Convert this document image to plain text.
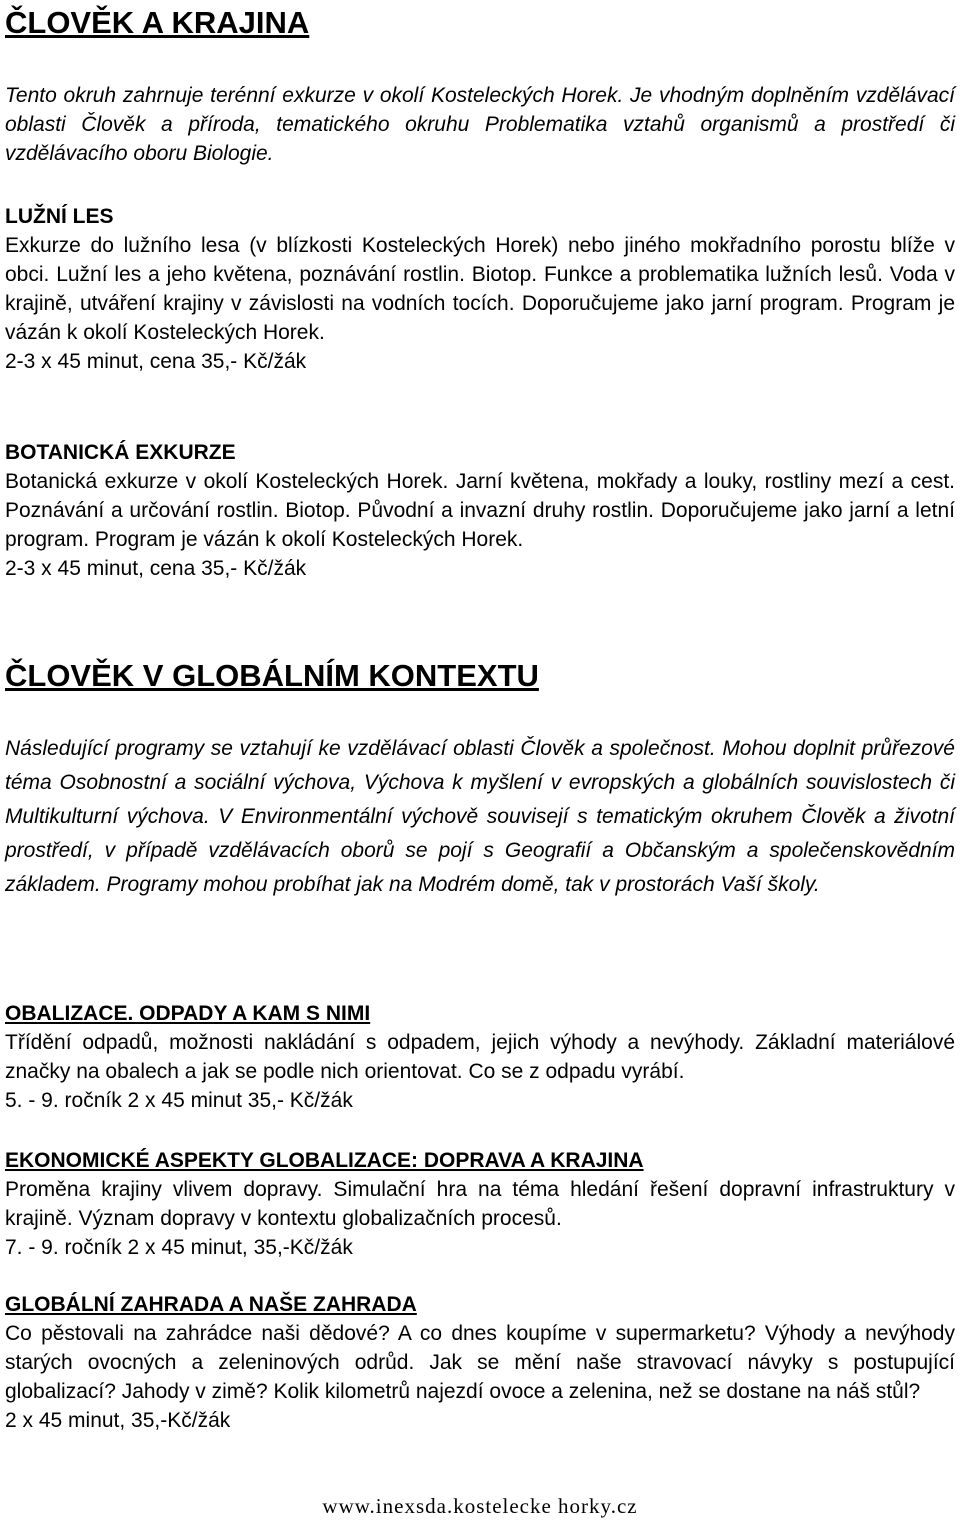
ČLOVĚK A KRAJINA

Tento okruh zahrnuje terénní exkurze v okolí Kosteleckých Horek. Je vhodným doplněním vzdělávací oblasti Člověk a příroda, tematického okruhu Problematika vztahů organismů a prostředí či vzdělávacího oboru Biologie.

LUŽNÍ LES

Exkurze do lužního lesa (v blízkosti Kosteleckých Horek) nebo jiného mokřadního porostu blíže v obci. Lužní les a jeho květena, poznávání rostlin. Biotop. Funkce a problematika lužních lesů. Voda v krajině, utváření krajiny v závislosti na vodních tocích. Doporučujeme jako jarní program. Program je vázán k okolí Kosteleckých Horek.

2-3 x 45 minut, cena 35,- Kč/žák

BOTANICKÁ EXKURZE

Botanická exkurze v okolí Kosteleckých Horek. Jarní květena, mokřady a louky, rostliny mezí a cest. Poznávání a určování rostlin. Biotop. Původní a invazní druhy rostlin. Doporučujeme jako jarní a letní program. Program je vázán k okolí Kosteleckých Horek.

2-3 x 45 minut, cena 35,- Kč/žák

ČLOVĚK V GLOBÁLNÍM KONTEXTU

Následující programy se vztahují ke vzdělávací oblasti Člověk a společnost. Mohou doplnit průřezové téma Osobnostní a sociální výchova, Výchova k myšlení v evropských a globálních souvislostech či Multikulturní výchova. V Environmentální výchově souvisejí s tematickým okruhem Člověk a životní prostředí, v případě vzdělávacích oborů se pojí s Geografií a Občanským a společenskovědním základem. Programy mohou probíhat jak na Modrém domě, tak v prostorách Vaší školy.

OBALIZACE. ODPADY A KAM S NIMI

Třídění odpadů, možnosti nakládání s odpadem, jejich výhody a nevýhody. Základní materiálové značky na obalech a jak se podle nich orientovat. Co se z odpadu vyrábí.

5. - 9. ročník 2 x 45 minut 35,- Kč/žák

EKONOMICKÉ ASPEKTY GLOBALIZACE: DOPRAVA A KRAJINA

Proměna krajiny vlivem dopravy. Simulační hra na téma hledání řešení dopravní infrastruktury v krajině. Význam dopravy v kontextu globalizačních procesů.

7. - 9. ročník 2 x 45 minut, 35,-Kč/žák

GLOBÁLNÍ ZAHRADA A NAŠE ZAHRADA

Co pěstovali na zahrádce naši dědové? A co dnes koupíme v supermarketu? Výhody a nevýhody starých ovocných a zeleninových odrůd. Jak se mění naše stravovací návyky s postupující globalizací? Jahody v zimě? Kolik kilometrů najezdí ovoce a zelenina, než se dostane na náš stůl?

2 x 45 minut, 35,-Kč/žák

www.inexsda.kostelecke horky.cz
